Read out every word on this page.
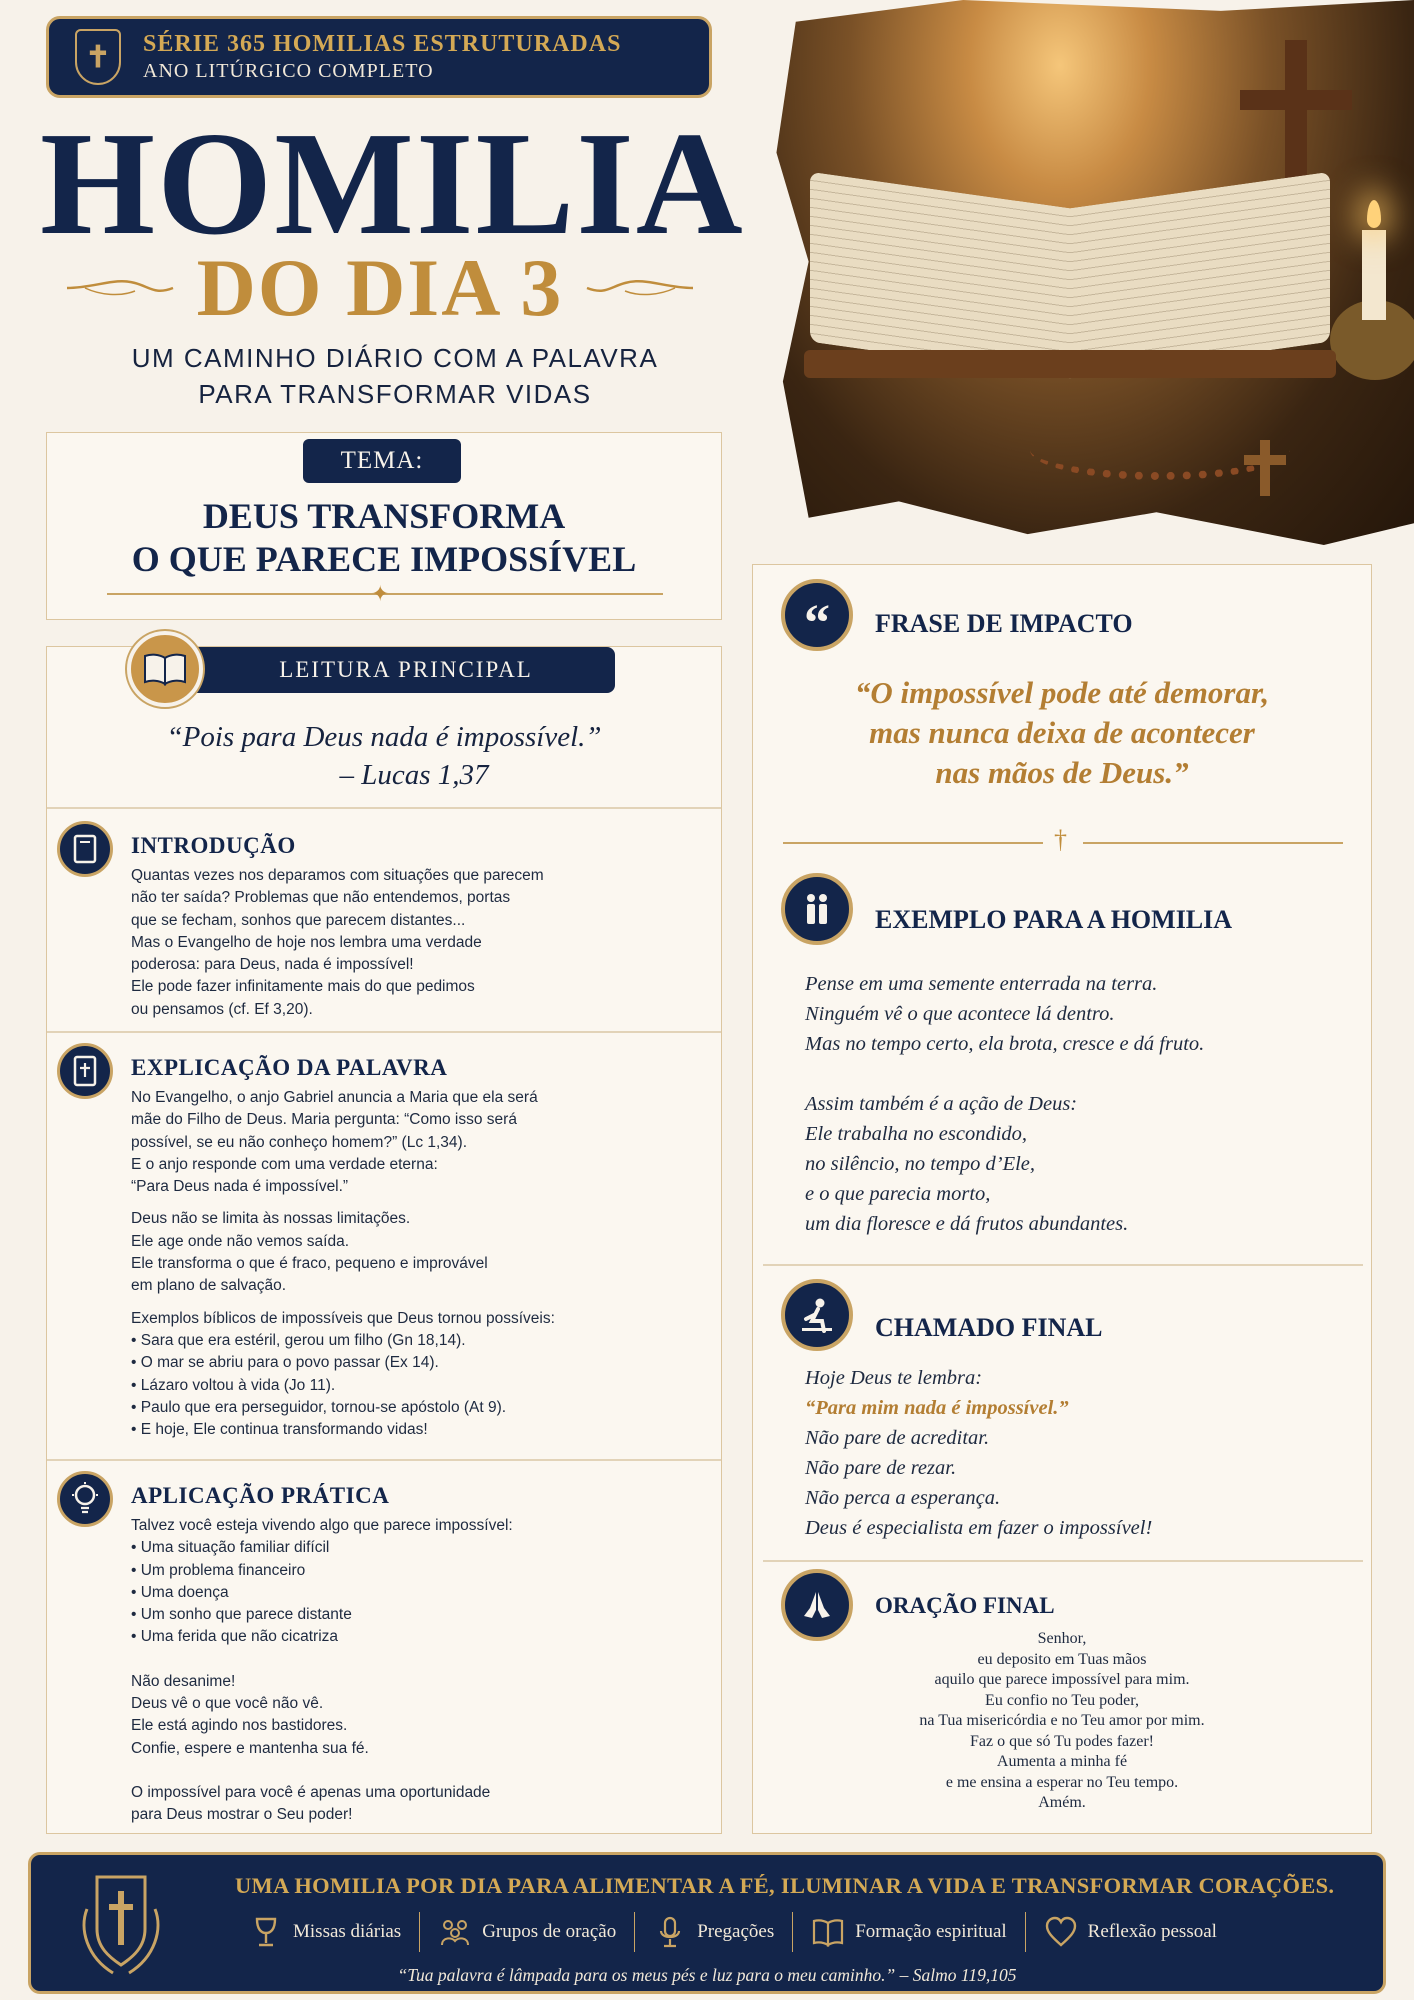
✝	SÉRIE 365 HOMILIAS ESTRUTURADAS
ANO LITÚRGICO COMPLETO
HOMILIA
DO DIA 3
UM CAMINHO DIÁRIO COM A PALAVRA
PARA TRANSFORMAR VIDAS
TEMA:
DEUS TRANSFORMA
O QUE PARECE IMPOSSÍVEL
✦
LEITURA PRINCIPAL
“Pois para Deus nada é impossível.”
– Lucas 1,37
INTRODUÇÃO

Quantas vezes nos deparamos com situações que parecem

não ter saída? Problemas que não entendemos, portas

que se fecham, sonhos que parecem distantes...

Mas o Evangelho de hoje nos lembra uma verdade

poderosa: para Deus, nada é impossível!

Ele pode fazer infinitamente mais do que pedimos

ou pensamos (cf. Ef 3,20).

EXPLICAÇÃO DA PALAVRA

No Evangelho, o anjo Gabriel anuncia a Maria que ela será

mãe do Filho de Deus. Maria pergunta: “Como isso será

possível, se eu não conheço homem?” (Lc 1,34).

E o anjo responde com uma verdade eterna:

“Para Deus nada é impossível.”

Deus não se limita às nossas limitações.

Ele age onde não vemos saída.

Ele transforma o que é fraco, pequeno e improvável

em plano de salvação.

Exemplos bíblicos de impossíveis que Deus tornou possíveis:

• Sara que era estéril, gerou um filho (Gn 18,14).
• O mar se abriu para o povo passar (Ex 14).
• Lázaro voltou à vida (Jo 11).
• Paulo que era perseguidor, tornou-se apóstolo (At 9).
• E hoje, Ele continua transformando vidas!
APLICAÇÃO PRÁTICA

Talvez você esteja vivendo algo que parece impossível:

• Uma situação familiar difícil
• Um problema financeiro
• Uma doença
• Um sonho que parece distante
• Uma ferida que não cicatriza

Não desanime!

Deus vê o que você não vê.

Ele está agindo nos bastidores.

Confie, espere e mantenha sua fé.

O impossível para você é apenas uma oportunidade

para Deus mostrar o Seu poder!

“ FRASE DE IMPACTO
“O impossível pode até demorar,
mas nunca deixa de acontecer
nas mãos de Deus.”
†
EXEMPLO PARA A HOMILIA

Pense em uma semente enterrada na terra.

Ninguém vê o que acontece lá dentro.

Mas no tempo certo, ela brota, cresce e dá fruto.

Assim também é a ação de Deus:

Ele trabalha no escondido,

no silêncio, no tempo d’Ele,

e o que parecia morto,

um dia floresce e dá frutos abundantes.

CHAMADO FINAL

Hoje Deus te lembra:

“Para mim nada é impossível.”

Não pare de acreditar.

Não pare de rezar.

Não perca a esperança.

Deus é especialista em fazer o impossível!

ORAÇÃO FINAL
Senhor,
eu deposito em Tuas mãos
aquilo que parece impossível para mim.
Eu confio no Teu poder,
na Tua misericórdia e no Teu amor por mim.
Faz o que só Tu podes fazer!
Aumenta a minha fé
e me ensina a esperar no Teu tempo.
Amém.
UMA HOMILIA POR DIA PARA ALIMENTAR A FÉ, ILUMINAR A VIDA E TRANSFORMAR CORAÇÕES.
Missas diárias	Grupos de oração	Pregações	Formação espiritual	Reflexão pessoal
“Tua palavra é lâmpada para os meus pés e luz para o meu caminho.” – Salmo 119,105
